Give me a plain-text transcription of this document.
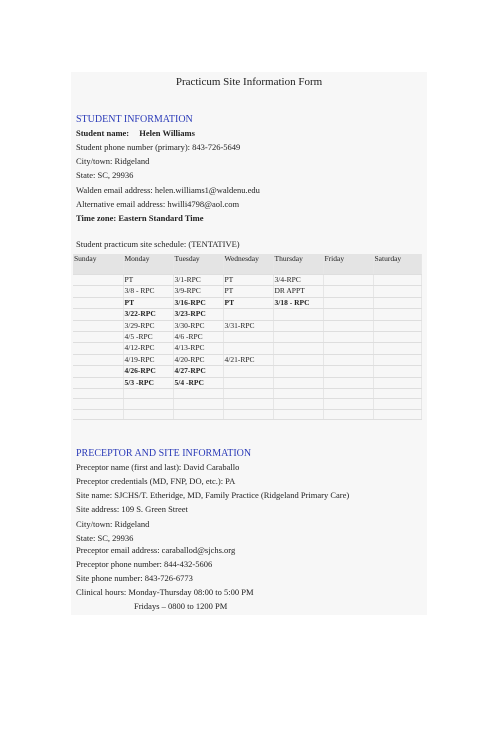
Practicum Site Information Form
STUDENT INFORMATION
Student name: Helen Williams
Student phone number (primary): 843-726-5649
City/town: Ridgeland
State: SC, 29936
Walden email address: helen.williams1@waldenu.edu
Alternative email address: hwilli4798@aol.com
Time zone: Eastern Standard Time
Student practicum site schedule: (TENTATIVE)
Sunday	Monday	Tuesday	Wednesday	Thursday	Friday	Saturday
	PT	3/1-RPC	PT	3/4-RPC		
	3/8 - RPC	3/9-RPC	PT	DR APPT		
	PT	3/16-RPC	PT	3/18 - RPC		
	3/22-RPC	3/23-RPC				
	3/29-RPC	3/30-RPC	3/31-RPC			
	4/5 -RPC	4/6 -RPC				
	4/12-RPC	4/13-RPC				
	4/19-RPC	4/20-RPC	4/21-RPC			
	4/26-RPC	4/27-RPC				
	5/3 -RPC	5/4 -RPC				

PRECEPTOR AND SITE INFORMATION
Preceptor name (first and last): David Caraballo
Preceptor credentials (MD, FNP, DO, etc.): PA
Site name: SJCHS/T. Etheridge, MD, Family Practice (Ridgeland Primary Care)
Site address: 109 S. Green Street
City/town: Ridgeland
State: SC, 29936
Preceptor email address: caraballod@sjchs.org
Preceptor phone number: 844-432-5606
Site phone number: 843-726-6773
Clinical hours: Monday-Thursday 08:00 to 5:00 PM
Fridays – 0800 to 1200 PM
